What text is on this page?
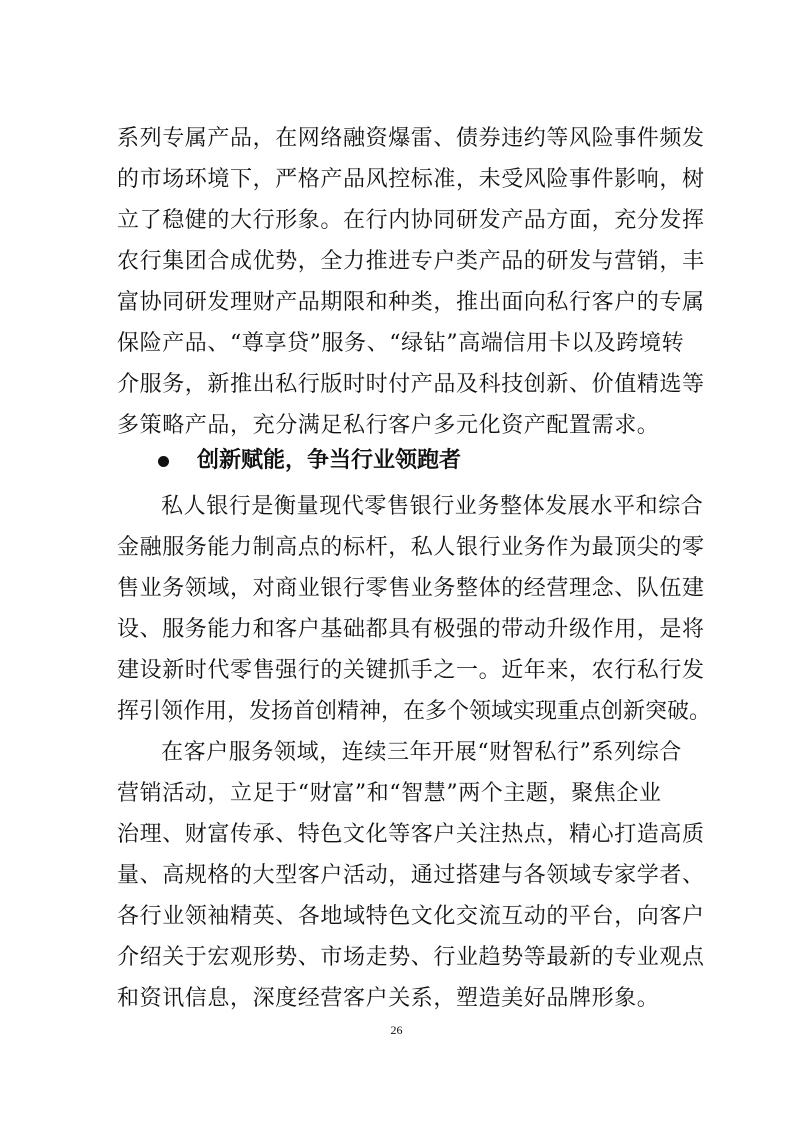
系列专属产品，在网络融资爆雷、债券违约等风险事件频发
的市场环境下，严格产品风控标准，未受风险事件影响，树
立了稳健的大行形象。在行内协同研发产品方面，充分发挥
农行集团合成优势，全力推进专户类产品的研发与营销，丰
富协同研发理财产品期限和种类，推出面向私行客户的专属
保险产品、“尊享贷”服务、“绿钻”高端信用卡以及跨境转
介服务，新推出私行版时时付产品及科技创新、价值精选等
多策略产品，充分满足私行客户多元化资产配置需求。
创新赋能，争当行业领跑者
私人银行是衡量现代零售银行业务整体发展水平和综合
金融服务能力制高点的标杆，私人银行业务作为最顶尖的零
售业务领域，对商业银行零售业务整体的经营理念、队伍建
设、服务能力和客户基础都具有极强的带动升级作用，是将
建设新时代零售强行的关键抓手之一。近年来，农行私行发
挥引领作用，发扬首创精神，在多个领域实现重点创新突破。
在客户服务领域，连续三年开展“财智私行”系列综合
营销活动，立足于“财富”和“智慧”两个主题，聚焦企业
治理、财富传承、特色文化等客户关注热点，精心打造高质
量、高规格的大型客户活动，通过搭建与各领域专家学者、
各行业领袖精英、各地域特色文化交流互动的平台，向客户
介绍关于宏观形势、市场走势、行业趋势等最新的专业观点
和资讯信息，深度经营客户关系，塑造美好品牌形象。
26
